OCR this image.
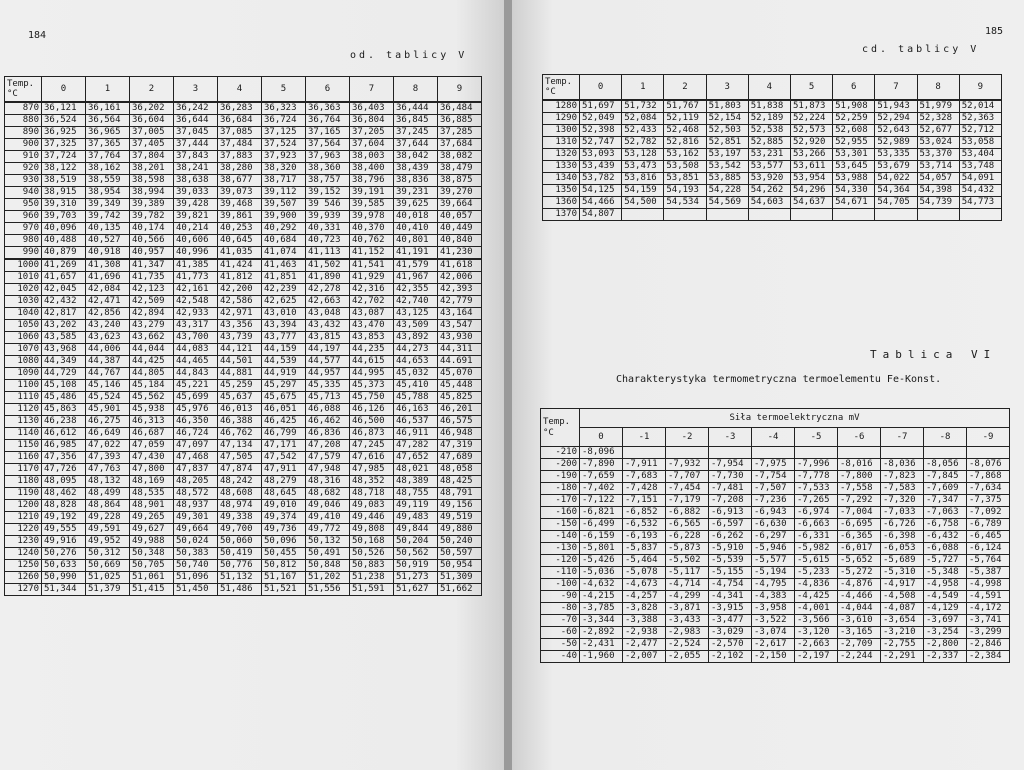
184
od. tablicy V
Temp.
°C	0	1	2	3	4	5	6	7	8	9
870	36,121	36,161	36,202	36,242	36,283	36,323	36,363	36,403	36,444	36,484
880	36,524	36,564	36,604	36,644	36,684	36,724	36,764	36,804	36,845	36,885
890	36,925	36,965	37,005	37,045	37,085	37,125	37,165	37,205	37,245	37,285
900	37,325	37,365	37,405	37,444	37,484	37,524	37,564	37,604	37,644	37,684
910	37,724	37,764	37,804	37,843	37,883	37,923	37,963	38,003	38,042	38,082
920	38,122	38,162	38,201	38,241	38,280	38,320	38,360	38,400	38,439	38,479
930	38,519	38,559	38,598	38,638	38,677	38,717	38,757	38,796	38,836	38,875
940	38,915	38,954	38,994	39,033	39,073	39,112	39,152	39,191	39,231	39,270
950	39,310	39,349	39,389	39,428	39,468	39,507	39 546	39,585	39,625	39,664
960	39,703	39,742	39,782	39,821	39,861	39,900	39,939	39,978	40,018	40,057
970	40,096	40,135	40,174	40,214	40,253	40,292	40,331	40,370	40,410	40,449
980	40,488	40,527	40,566	40,606	40,645	40,684	40,723	40,762	40,801	40,840
990	40,879	40,918	40,957	40,996	41,035	41,074	41,113	41,152	41,191	41,230
1000	41,269	41,308	41,347	41,385	41,424	41,463	41,502	41,541	41,579	41,618
1010	41,657	41,696	41,735	41,773	41,812	41,851	41,890	41,929	41,967	42,006
1020	42,045	42,084	42,123	42,161	42,200	42,239	42,278	42,316	42,355	42,393
1030	42,432	42,471	42,509	42,548	42,586	42,625	42,663	42,702	42,740	42,779
1040	42,817	42,856	42,894	42,933	42,971	43,010	43,048	43,087	43,125	43,164
1050	43,202	43,240	43,279	43,317	43,356	43,394	43,432	43,470	43,509	43,547
1060	43,585	43,623	43,662	43,700	43,739	43,777	43,815	43,853	43,892	43,930
1070	43,968	44,006	44,044	44,083	44,121	44,159	44,197	44,235	44,273	44,311
1080	44,349	44,387	44,425	44,465	44,501	44,539	44,577	44,615	44,653	44.691
1090	44,729	44,767	44,805	44,843	44,881	44,919	44,957	44,995	45,032	45,070
1100	45,108	45,146	45,184	45,221	45,259	45,297	45,335	45,373	45,410	45,448
1110	45,486	45,524	45,562	45,699	45,637	45,675	45,713	45,750	45,788	45,825
1120	45,863	45,901	45,938	45,976	46,013	46,051	46,088	46,126	46,163	46,201
1130	46,238	46,275	46,313	46,350	46,388	46,425	46,462	46,500	46,537	46,575
1140	46,612	46,649	46,687	46,724	46,762	46,799	46,836	46,873	46,911	46,948
1150	46,985	47,022	47,059	47,097	47,134	47,171	47,208	47,245	47,282	47,319
1160	47,356	47,393	47,430	47,468	47,505	47,542	47,579	47,616	47,652	47,689
1170	47,726	47,763	47,800	47,837	47,874	47,911	47,948	47,985	48,021	48,058
1180	48,095	48,132	48,169	48,205	48,242	48,279	48,316	48,352	48,389	48,425
1190	48,462	48,499	48,535	48,572	48,608	48,645	48,682	48,718	48,755	48,791
1200	48,828	48,864	48,901	48,937	48,974	49,010	49,046	49,083	49,119	49,156
1210	49,192	49,228	49,265	49,301	49,338	49,374	49,410	49,446	49,483	49,519
1220	49,555	49,591	49,627	49,664	49,700	49,736	49,772	49,808	49,844	49,880
1230	49,916	49,952	49,988	50,024	50,060	50,096	50,132	50,168	50,204	50,240
1240	50,276	50,312	50,348	50,383	50,419	50,455	50,491	50,526	50,562	50,597
1250	50,633	50,669	50,705	50,740	50,776	50,812	50,848	50,883	50,919	50,954
1260	50,990	51,025	51,061	51,096	51,132	51,167	51,202	51,238	51,273	51,309
1270	51,344	51,379	51,415	51,450	51,486	51,521	51,556	51,591	51,627	51,662
185
cd. tablicy V
Temp.
°C	0	1	2	3	4	5	6	7	8	9
1280	51,697	51,732	51,767	51,803	51,838	51,873	51,908	51,943	51,979	52,014
1290	52,049	52,084	52,119	52,154	52,189	52,224	52,259	52,294	52,328	52,363
1300	52,398	52,433	52,468	52,503	52,538	52,573	52,608	52,643	52,677	52,712
1310	52,747	52,782	52,816	52,851	52,885	52,920	52,955	52,989	53,024	53,058
1320	53,093	53,128	53,162	53,197	53,231	53,266	53,301	53,335	53,370	53,404
1330	53,439	53,473	53,508	53,542	53,577	53,611	53,645	53,679	53,714	53,748
1340	53,782	53,816	53,851	53,885	53,920	53,954	53,988	54,022	54,057	54,091
1350	54,125	54,159	54,193	54,228	54,262	54,296	54,330	54,364	54,398	54,432
1360	54,466	54,500	54,534	54,569	54,603	54,637	54,671	54,705	54,739	54,773
1370	54,807									
Tablica VI
Charakterystyka termometryczna termoelementu Fe-Konst.
Temp.
°C	Siła termoelektryczna mV									
	0	-1	-2	-3	-4	-5	-6	-7	-8	-9
-210	-8,096									
-200	-7,890	-7,911	-7,932	-7,954	-7,975	-7,996	-8,016	-8,036	-8,056	-8,076
-190	-7,659	-7,683	-7,707	-7,730	-7,754	-7,778	-7,800	-7,823	-7,845	-7,868
-180	-7,402	-7,428	-7,454	-7,481	-7,507	-7,533	-7,558	-7,583	-7,609	-7,634
-170	-7,122	-7,151	-7,179	-7,208	-7,236	-7,265	-7,292	-7,320	-7,347	-7,375
-160	-6,821	-6,852	-6,882	-6,913	-6,943	-6,974	-7,004	-7,033	-7,063	-7,092
-150	-6,499	-6,532	-6,565	-6,597	-6,630	-6,663	-6,695	-6,726	-6,758	-6,789
-140	-6,159	-6,193	-6,228	-6,262	-6,297	-6,331	-6,365	-6,398	-6,432	-6,465
-130	-5,801	-5,837	-5,873	-5,910	-5,946	-5,982	-6,017	-6,053	-6,088	-6,124
-120	-5,426	-5,464	-5,502	-5,539	-5,577	-5,615	-5,652	-5,689	-5,727	-5,764
-110	-5,036	-5,078	-5,117	-5,155	-5,194	-5,233	-5,272	-5,310	-5,348	-5,387
-100	-4,632	-4,673	-4,714	-4,754	-4,795	-4,836	-4,876	-4,917	-4,958	-4,998
-90	-4,215	-4,257	-4,299	-4,341	-4,383	-4,425	-4,466	-4,508	-4,549	-4,591
-80	-3,785	-3,828	-3,871	-3,915	-3,958	-4,001	-4,044	-4,087	-4,129	-4,172
-70	-3,344	-3,388	-3,433	-3,477	-3,522	-3,566	-3,610	-3,654	-3,697	-3,741
-60	-2,892	-2,938	-2,983	-3,029	-3,074	-3,120	-3,165	-3,210	-3,254	-3,299
-50	-2,431	-2,477	-2,524	-2,570	-2,617	-2,663	-2,709	-2,755	-2,800	-2,846
-40	-1,960	-2,007	-2,055	-2,102	-2,150	-2,197	-2,244	-2,291	-2,337	-2,384
